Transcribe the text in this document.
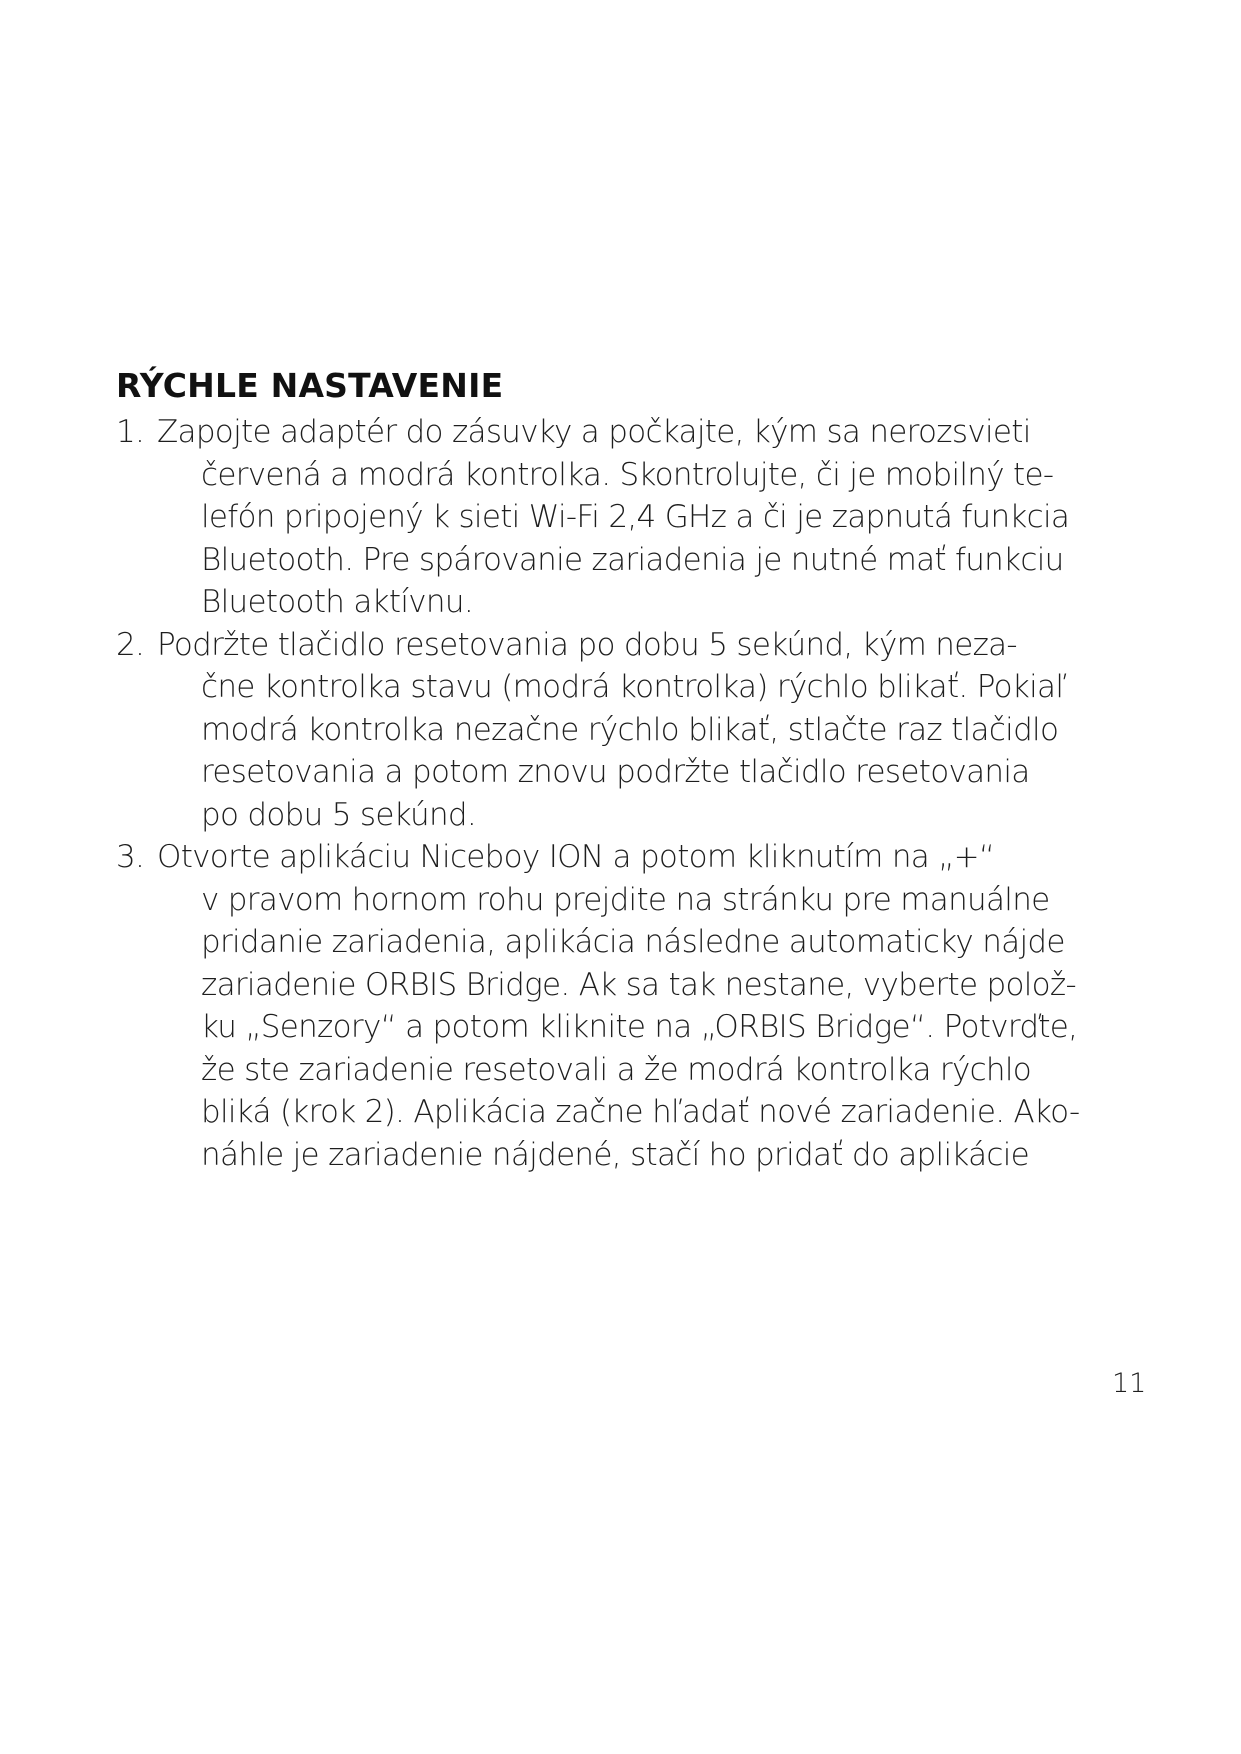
RÝCHLE NASTAVENIE
1. Zapojte adaptér do zásuvky a počkajte, kým sa nerozsvieti
červená a modrá kontrolka. Skontrolujte, či je mobilný te-
lefón pripojený k sieti Wi-Fi 2,4 GHz a či je zapnutá funkcia
Bluetooth. Pre spárovanie zariadenia je nutné mať funkciu
Bluetooth aktívnu.
2. Podržte tlačidlo resetovania po dobu 5 sekúnd, kým neza-
čne kontrolka stavu (modrá kontrolka) rýchlo blikať. Pokiaľ
modrá kontrolka nezačne rýchlo blikať, stlačte raz tlačidlo
resetovania a potom znovu podržte tlačidlo resetovania
po dobu 5 sekúnd.
3. Otvorte aplikáciu Niceboy ION a potom kliknutím na „+“
v pravom hornom rohu prejdite na stránku pre manuálne
pridanie zariadenia, aplikácia následne automaticky nájde
zariadenie ORBIS Bridge. Ak sa tak nestane, vyberte polož-
ku „Senzory“ a potom kliknite na „ORBIS Bridge“. Potvrďte,
že ste zariadenie resetovali a že modrá kontrolka rýchlo
bliká (krok 2). Aplikácia začne hľadať nové zariadenie. Ako-
náhle je zariadenie nájdené, stačí ho pridať do aplikácie
11
